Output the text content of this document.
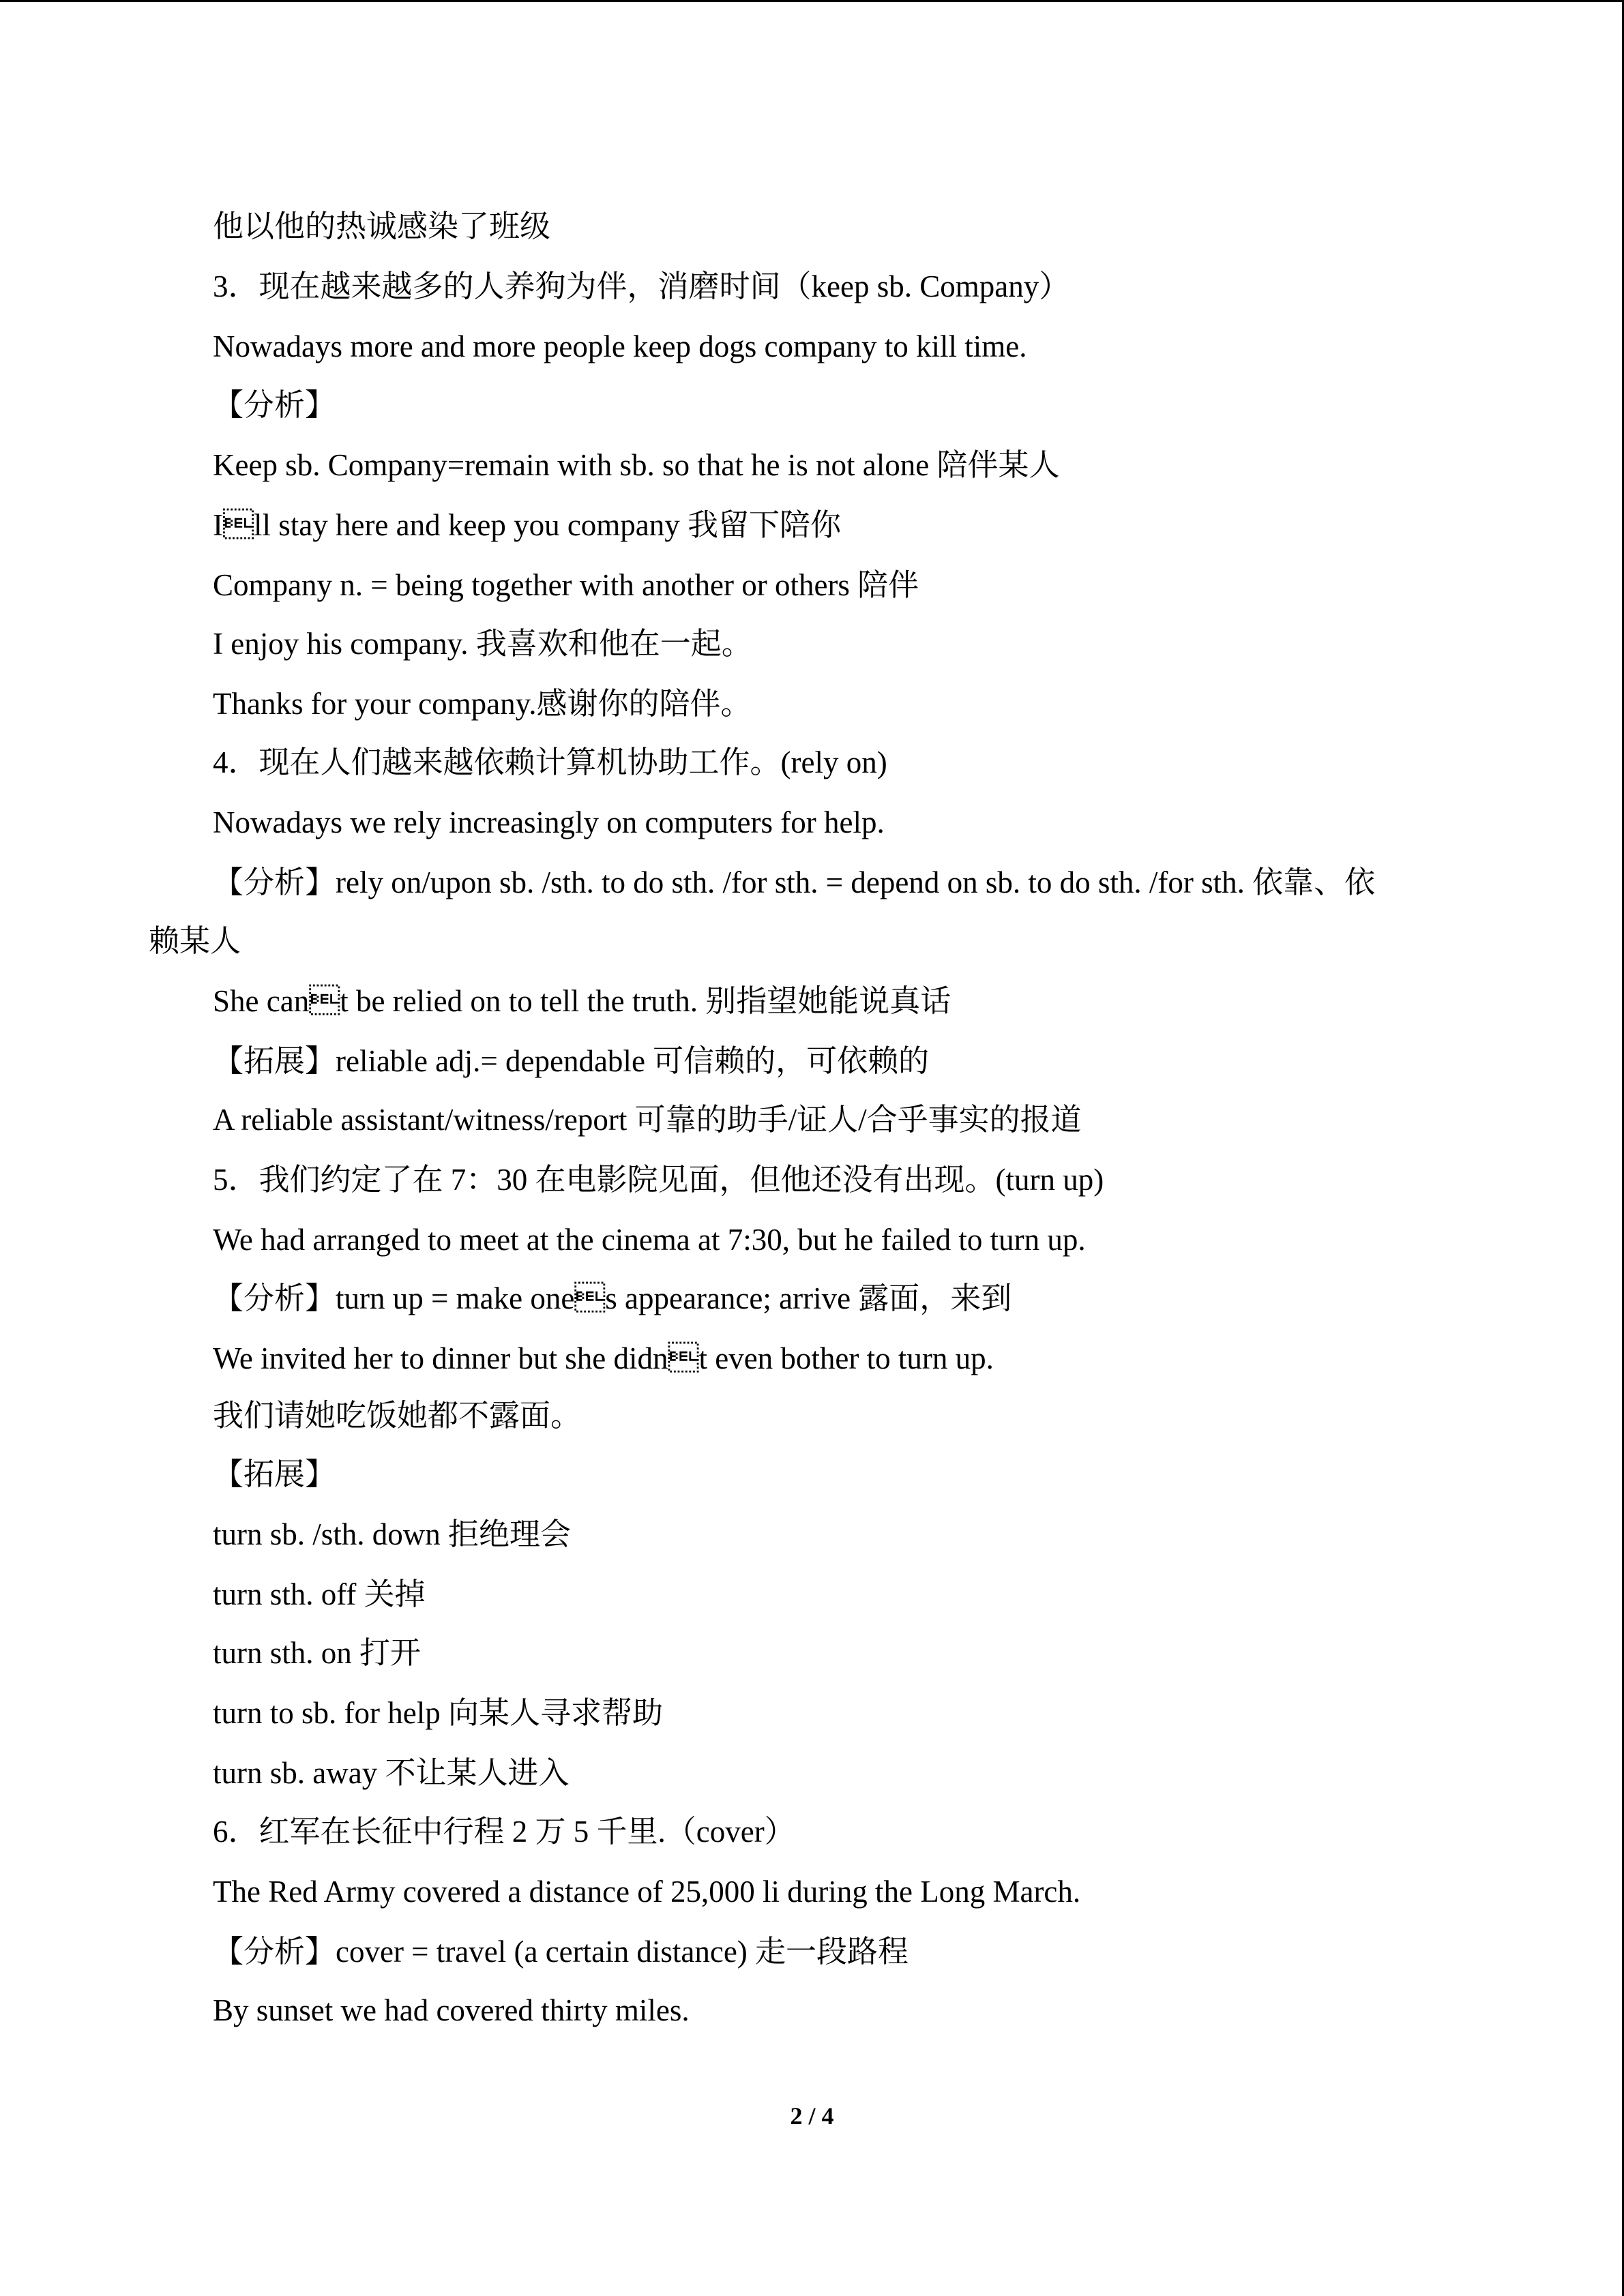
他以他的热诚感染了班级
3．现在越来越多的人养狗为伴，消磨时间（keep sb. Company）
Nowadays more and more people keep dogs company to kill time.
【分析】
Keep sb. Company=remain with sb. so that he is not alone 陪伴某人
Ill stay here and keep you company 我留下陪你
Company n. = being together with another or others 陪伴
I enjoy his company. 我喜欢和他在一起。
Thanks for your company.感谢你的陪伴。
4．现在人们越来越依赖计算机协助工作。(rely on)
Nowadays we rely increasingly on computers for help.
【分析】rely on/upon sb. /sth. to do sth. /for sth. = depend on sb. to do sth. /for sth. 依靠、依
赖某人
She cant be relied on to tell the truth. 别指望她能说真话
【拓展】reliable adj.= dependable 可信赖的，可依赖的
A reliable assistant/witness/report 可靠的助手/证人/合乎事实的报道
5．我们约定了在 7：30 在电影院见面，但他还没有出现。(turn up)
We had arranged to meet at the cinema at 7:30, but he failed to turn up.
【分析】turn up = make ones appearance; arrive 露面，来到
We invited her to dinner but she didnt even bother to turn up.
我们请她吃饭她都不露面。
【拓展】
turn sb. /sth. down 拒绝理会
turn sth. off 关掉
turn sth. on 打开
turn to sb. for help 向某人寻求帮助
turn sb. away 不让某人进入
6．红军在长征中行程 2 万 5 千里.（cover）
The Red Army covered a distance of 25,000 li during the Long March.
【分析】cover = travel (a certain distance) 走一段路程
By sunset we had covered thirty miles.
2 / 4
